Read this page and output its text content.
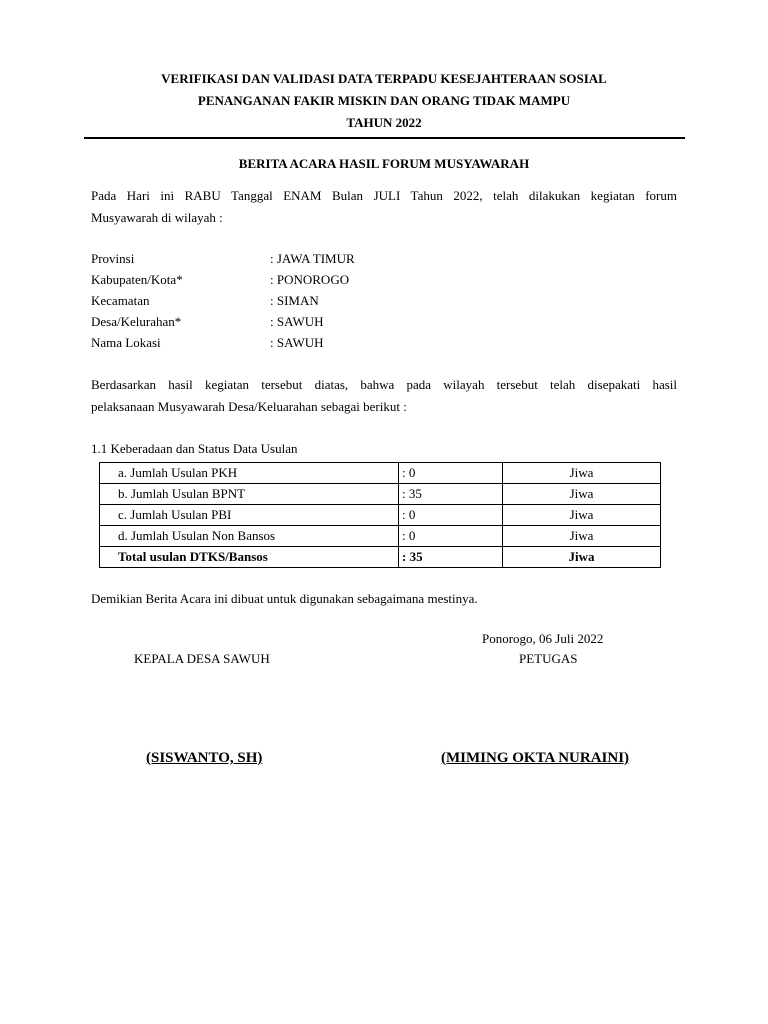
VERIFIKASI DAN VALIDASI DATA TERPADU KESEJAHTERAAN SOSIAL
PENANGANAN FAKIR MISKIN DAN ORANG TIDAK MAMPU
TAHUN 2022
BERITA ACARA HASIL FORUM MUSYAWARAH
Pada Hari ini RABU Tanggal ENAM Bulan JULI Tahun 2022, telah dilakukan kegiatan forum
Musyawarah di wilayah :
Provinsi	: JAWA TIMUR
Kabupaten/Kota*	: PONOROGO
Kecamatan	: SIMAN
Desa/Kelurahan*	: SAWUH
Nama Lokasi	: SAWUH
Berdasarkan hasil kegiatan tersebut diatas, bahwa pada wilayah tersebut telah disepakati hasil
pelaksanaan Musyawarah Desa/Keluarahan sebagai berikut :
1.1 Keberadaan dan Status Data Usulan
a. Jumlah Usulan PKH	: 0	Jiwa
b. Jumlah Usulan BPNT	: 35	Jiwa
c. Jumlah Usulan PBI	: 0	Jiwa
d. Jumlah Usulan Non Bansos	: 0	Jiwa
Total usulan DTKS/Bansos	: 35	Jiwa
Demikian Berita Acara ini dibuat untuk digunakan sebagaimana mestinya.
Ponorogo, 06 Juli 2022
KEPALA DESA SAWUH	PETUGAS
(SISWANTO, SH)	(MIMING OKTA NURAINI)
